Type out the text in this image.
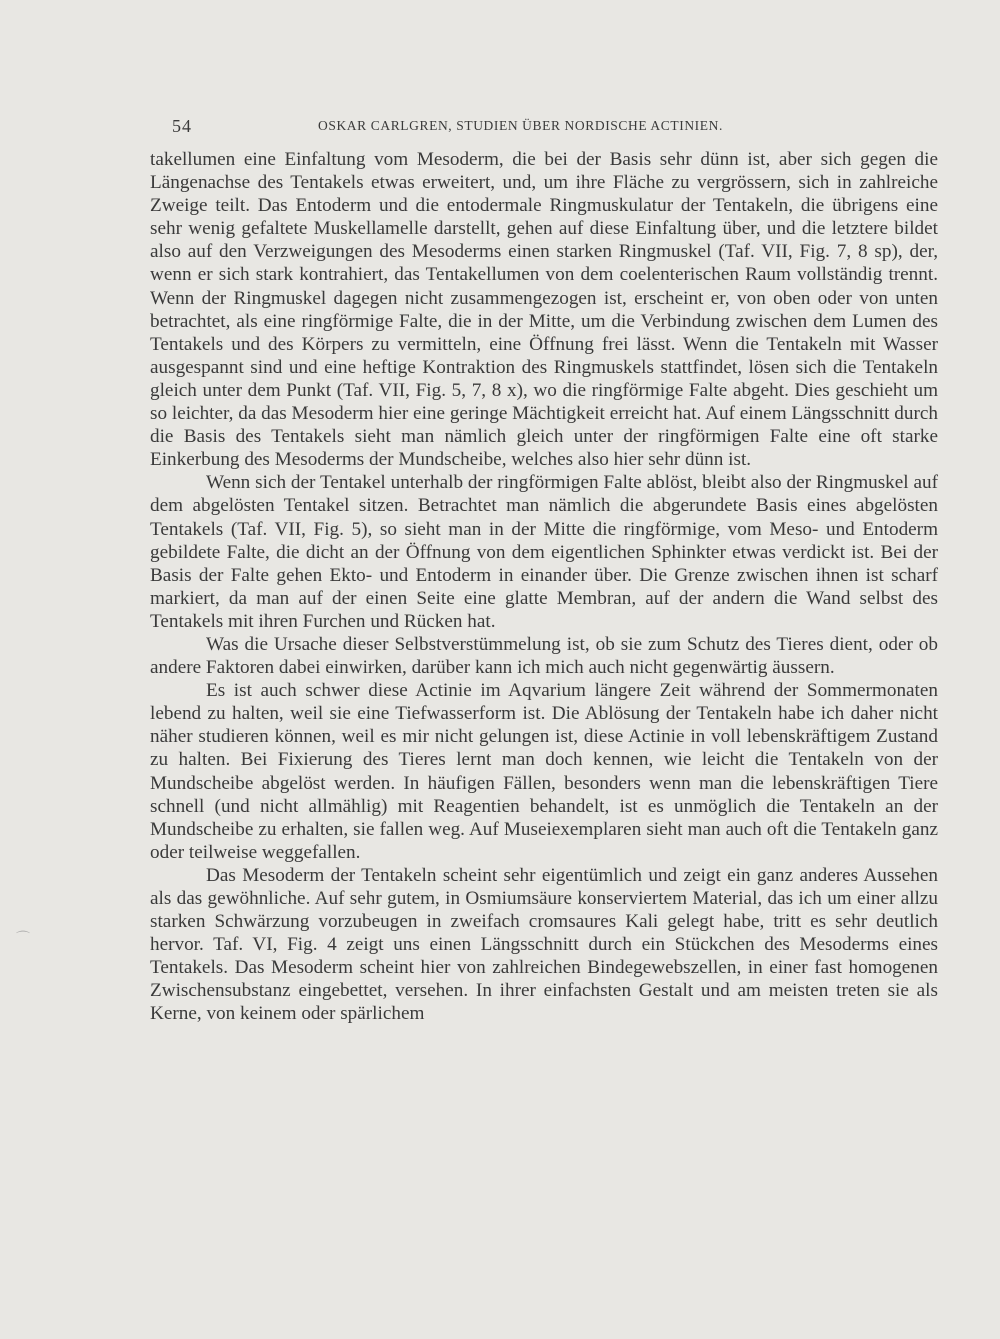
54	OSKAR CARLGREN, STUDIEN ÜBER NORDISCHE ACTINIEN.

takellumen eine Einfaltung vom Mesoderm, die bei der Basis sehr dünn ist, aber sich gegen die Längenachse des Tentakels etwas erweitert, und, um ihre Fläche zu vergrössern, sich in zahlreiche Zweige teilt. Das Entoderm und die entodermale Ringmuskulatur der Tentakeln, die übrigens eine sehr wenig gefaltete Muskellamelle darstellt, gehen auf diese Einfaltung über, und die letztere bildet also auf den Verzweigungen des Mesoderms einen starken Ringmuskel (Taf. VII, Fig. 7, 8 sp), der, wenn er sich stark kontrahiert, das Tentakellumen von dem coelenterischen Raum vollständig trennt. Wenn der Ringmuskel dagegen nicht zusammengezogen ist, erscheint er, von oben oder von unten betrachtet, als eine ringförmige Falte, die in der Mitte, um die Verbindung zwischen dem Lumen des Tentakels und des Körpers zu vermitteln, eine Öffnung frei lässt. Wenn die Tentakeln mit Wasser ausgespannt sind und eine heftige Kontraktion des Ringmuskels stattfindet, lösen sich die Tentakeln gleich unter dem Punkt (Taf. VII, Fig. 5, 7, 8 x), wo die ringförmige Falte abgeht. Dies geschieht um so leichter, da das Mesoderm hier eine geringe Mächtigkeit erreicht hat. Auf einem Längsschnitt durch die Basis des Tentakels sieht man nämlich gleich unter der ringförmigen Falte eine oft starke Einkerbung des Mesoderms der Mundscheibe, welches also hier sehr dünn ist.

Wenn sich der Tentakel unterhalb der ringförmigen Falte ablöst, bleibt also der Ringmuskel auf dem abgelösten Tentakel sitzen. Betrachtet man nämlich die abgerundete Basis eines abgelösten Tentakels (Taf. VII, Fig. 5), so sieht man in der Mitte die ringförmige, vom Meso- und Entoderm gebildete Falte, die dicht an der Öffnung von dem eigentlichen Sphinkter etwas verdickt ist. Bei der Basis der Falte gehen Ekto- und Entoderm in einander über. Die Grenze zwischen ihnen ist scharf markiert, da man auf der einen Seite eine glatte Membran, auf der andern die Wand selbst des Tentakels mit ihren Furchen und Rücken hat.

Was die Ursache dieser Selbstverstümmelung ist, ob sie zum Schutz des Tieres dient, oder ob andere Faktoren dabei einwirken, darüber kann ich mich auch nicht gegenwärtig äussern.

Es ist auch schwer diese Actinie im Aqvarium längere Zeit während der Sommermonaten lebend zu halten, weil sie eine Tiefwasserform ist. Die Ablösung der Tentakeln habe ich daher nicht näher studieren können, weil es mir nicht gelungen ist, diese Actinie in voll lebenskräftigem Zustand zu halten. Bei Fixierung des Tieres lernt man doch kennen, wie leicht die Tentakeln von der Mundscheibe abgelöst werden. In häufigen Fällen, besonders wenn man die lebenskräftigen Tiere schnell (und nicht allmählig) mit Reagentien behandelt, ist es unmöglich die Tentakeln an der Mundscheibe zu erhalten, sie fallen weg. Auf Museiexemplaren sieht man auch oft die Tentakeln ganz oder teilweise weggefallen.

Das Mesoderm der Tentakeln scheint sehr eigentümlich und zeigt ein ganz anderes Aussehen als das gewöhnliche. Auf sehr gutem, in Osmiumsäure konserviertem Material, das ich um einer allzu starken Schwärzung vorzubeugen in zweifach cromsaures Kali gelegt habe, tritt es sehr deutlich hervor. Taf. VI, Fig. 4 zeigt uns einen Längsschnitt durch ein Stückchen des Mesoderms eines Tentakels. Das Mesoderm scheint hier von zahlreichen Bindegewebszellen, in einer fast homogenen Zwischensubstanz eingebettet, versehen. In ihrer einfachsten Gestalt und am meisten treten sie als Kerne, von keinem oder spärlichem

⌒
